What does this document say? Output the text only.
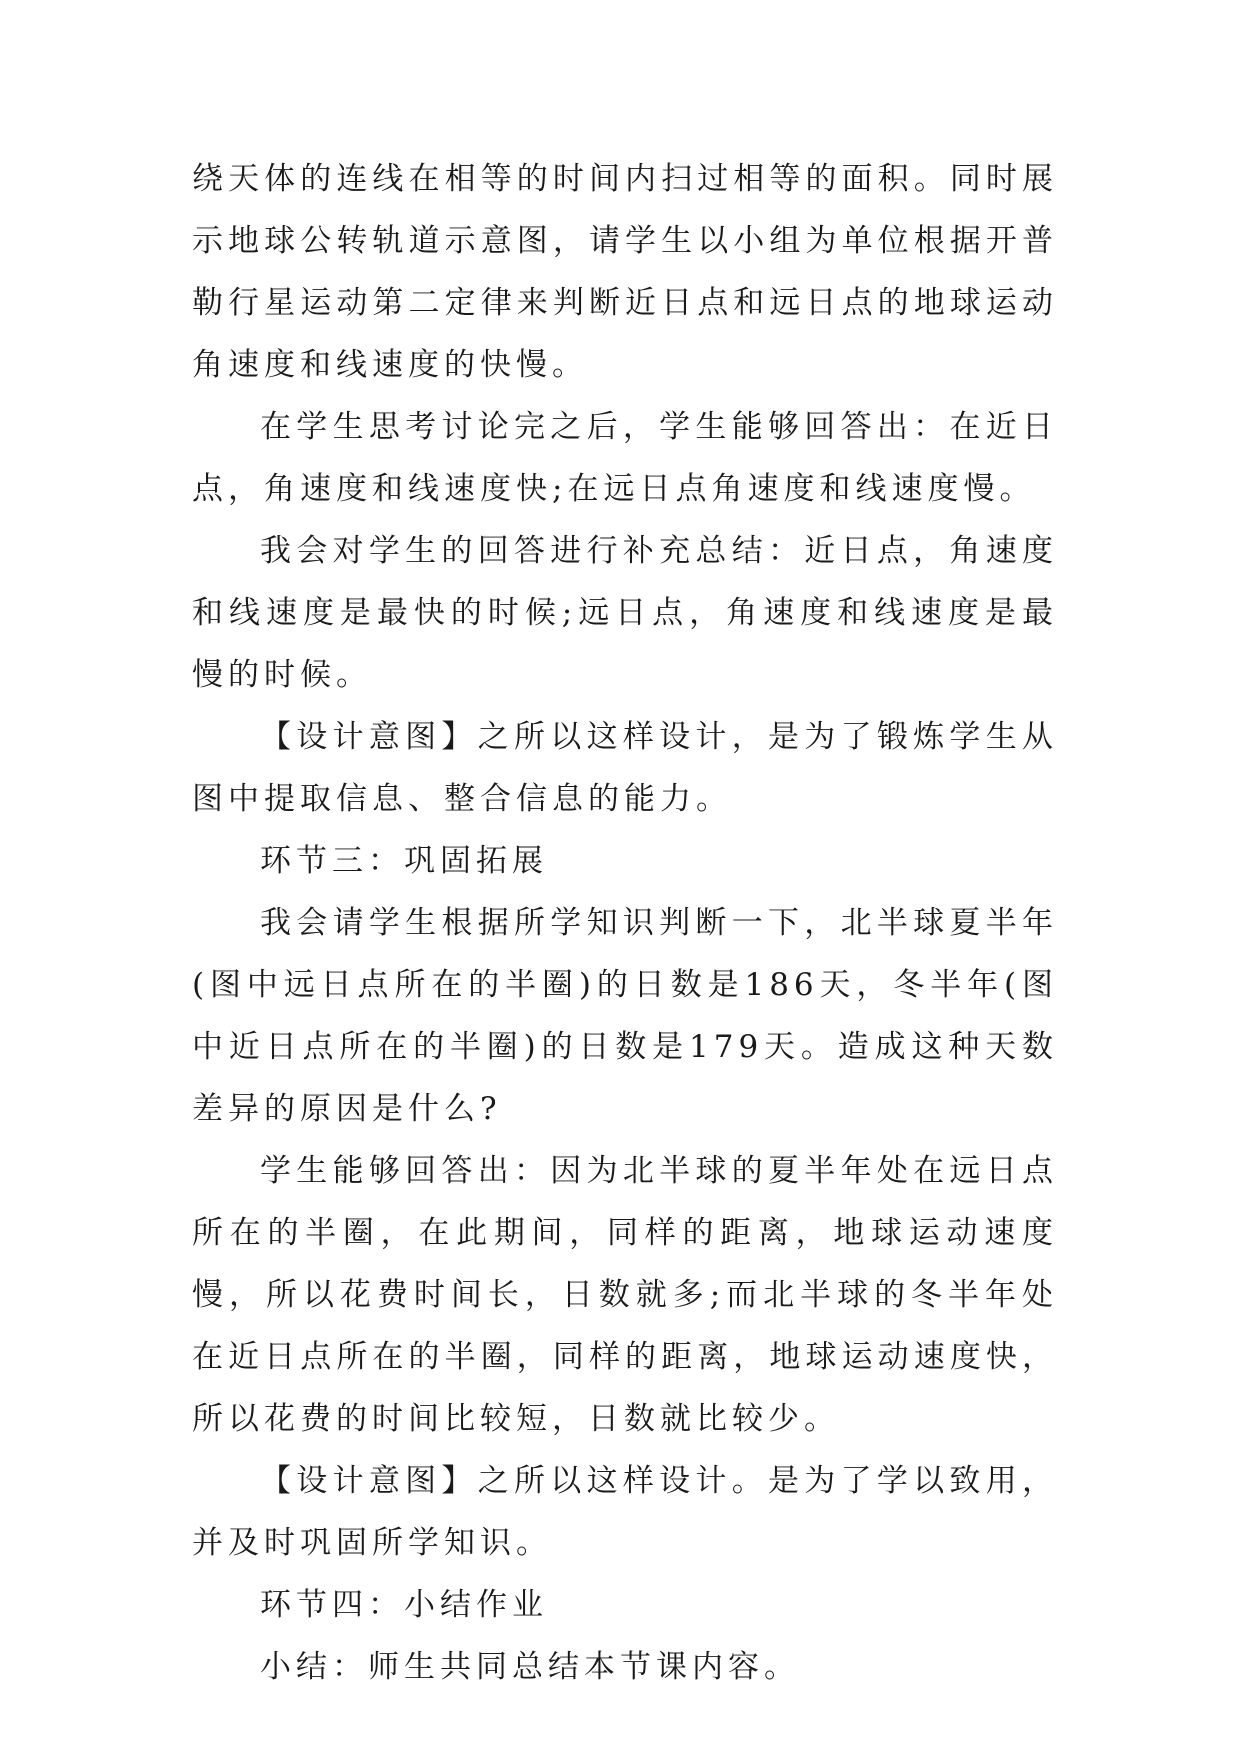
绕天体的连线在相等的时间内扫过相等的面积。同时展示地球公转轨道示意图，请学生以小组为单位根据开普勒行星运动第二定律来判断近日点和远日点的地球运动角速度和线速度的快慢。

在学生思考讨论完之后，学生能够回答出：在近日点，角速度和线速度快;在远日点角速度和线速度慢。

我会对学生的回答进行补充总结：近日点，角速度和线速度是最快的时候;远日点，角速度和线速度是最慢的时候。

【设计意图】之所以这样设计，是为了锻炼学生从图中提取信息、整合信息的能力。

环节三：巩固拓展

我会请学生根据所学知识判断一下，北半球夏半年(图中远日点所在的半圈)的日数是186天，冬半年(图中近日点所在的半圈)的日数是179天。造成这种天数差异的原因是什么?

学生能够回答出：因为北半球的夏半年处在远日点所在的半圈，在此期间，同样的距离，地球运动速度慢，所以花费时间长，日数就多;而北半球的冬半年处在近日点所在的半圈，同样的距离，地球运动速度快，所以花费的时间比较短，日数就比较少。

【设计意图】之所以这样设计。是为了学以致用，并及时巩固所学知识。

环节四：小结作业

小结：师生共同总结本节课内容。
